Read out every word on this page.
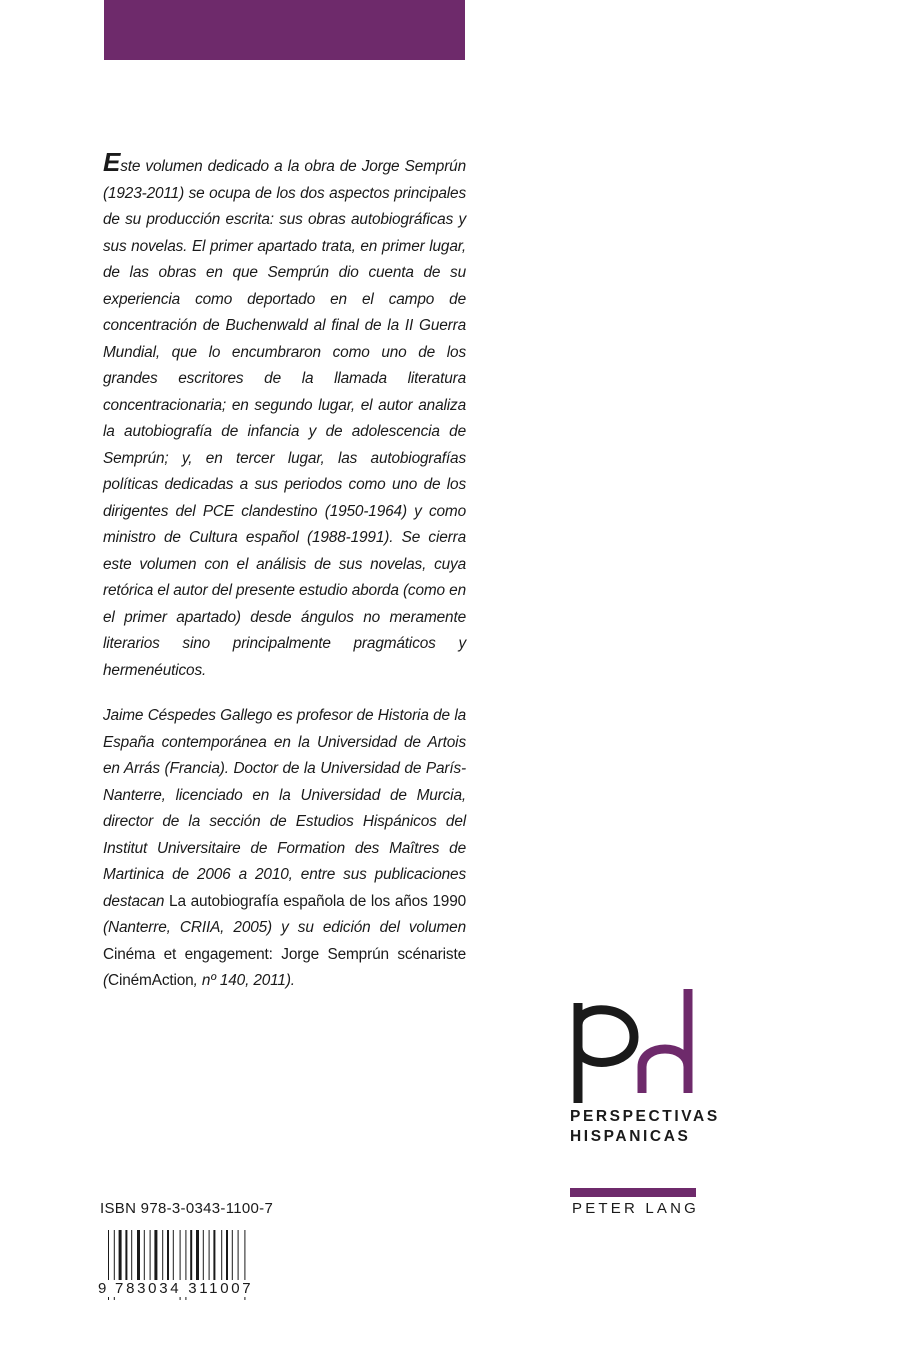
Este volumen dedicado a la obra de Jorge Semprún (1923-2011) se ocupa de los dos aspectos principales de su producción escrita: sus obras autobiográficas y sus novelas. El primer apartado trata, en primer lugar, de las obras en que Semprún dio cuenta de su experiencia como deportado en el campo de concentración de Buchenwald al final de la II Guerra Mundial, que lo encumbraron como uno de los grandes escritores de la llamada literatura concentracionaria; en segundo lugar, el autor analiza la autobiografía de infancia y de adolescencia de Semprún; y, en tercer lugar, las autobiografías políticas dedicadas a sus periodos como uno de los dirigentes del PCE clandestino (1950-1964) y como ministro de Cultura español (1988-1991). Se cierra este volumen con el análisis de sus novelas, cuya retórica el autor del presente estudio aborda (como en el primer apartado) desde ángulos no meramente literarios sino principalmente pragmáticos y hermenéuticos.

Jaime Céspedes Gallego es profesor de Historia de la España contemporánea en la Universidad de Artois en Arrás (Francia). Doctor de la Universidad de París-Nanterre, licenciado en la Universidad de Murcia, director de la sección de Estudios Hispánicos del Institut Universitaire de Formation des Maîtres de Martinica de 2006 a 2010, entre sus publicaciones destacan La autobiografía española de los años 1990 (Nanterre, CRIIA, 2005) y su edición del volumen Cinéma et engagement: Jorge Semprún scénariste (CinémAction, nº 140, 2011).

PERSPECTIVAS
HISPANICAS
PETER LANG
ISBN 978-3-0343-1100-7
9 783034 311007
